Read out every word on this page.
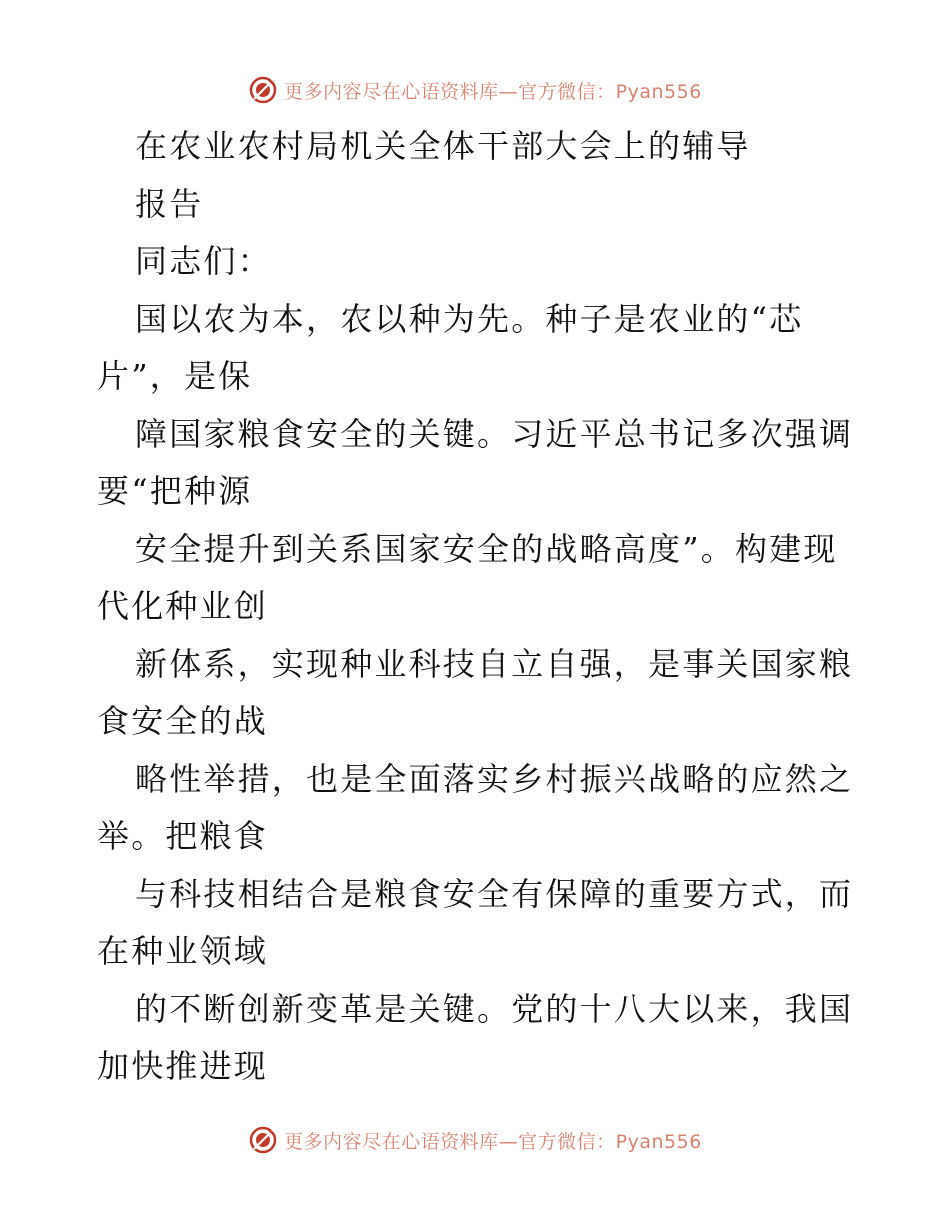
更多内容尽在心语资料库—官方微信：Pyan556
在农业农村局机关全体干部大会上的辅导
报告
同志们：
国以农为本，农以种为先。种子是农业的“芯
片”，是保
障国家粮食安全的关键。习近平总书记多次强调
要“把种源
安全提升到关系国家安全的战略高度”。构建现
代化种业创
新体系，实现种业科技自立自强，是事关国家粮
食安全的战
略性举措，也是全面落实乡村振兴战略的应然之
举。把粮食
与科技相结合是粮食安全有保障的重要方式，而
在种业领域
的不断创新变革是关键。党的十八大以来，我国
加快推进现
更多内容尽在心语资料库—官方微信：Pyan556
